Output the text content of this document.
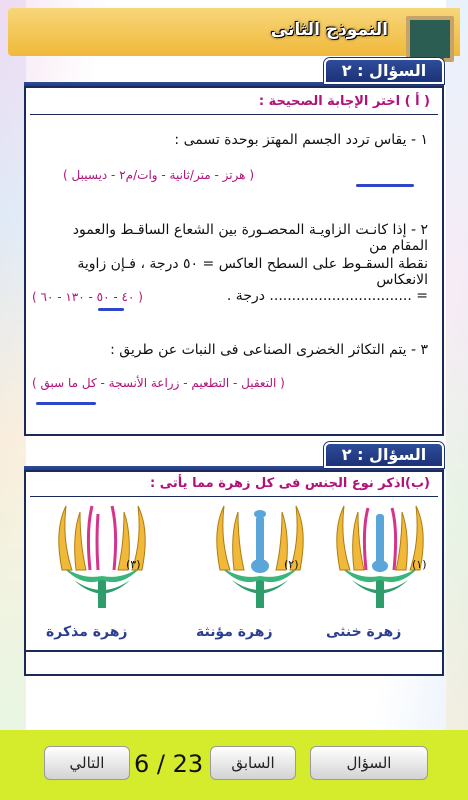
النموذج الثانى
السؤال : ٢
( أ ) اختر الإجابة الصحيحة :
١ - يقاس تردد الجسم المهتز بوحدة تسمى :
( هرتز - متر/ثانية - وات/م٢ - ديسيبل )
٢ - إذا كانـت الزاويـة المحصـورة بين الشعاع الساقـط والعمود المقام من
نقطة السقـوط على السطح العاكس = ٥٠ درجة ، فـإن زاوية الانعكاس
= ................................ درجة .
( ٤٠ - ٥٠ - ١٣٠ - ٦٠ )
٣ - يتم التكاثر الخضرى الصناعى فى النبات عن طريق :
( التعقيل - التطعيم - زراعة الأنسجة - كل ما سبق )
السؤال : ٢
(ب)اذكر نوع الجنس فى كل زهرة مما يأتى :
(١)
(٢)
(٣)
زهرة خنثى
زهرة مؤنثة
زهرة مذكرة
التالي	6 / 23	السابق	السؤال
